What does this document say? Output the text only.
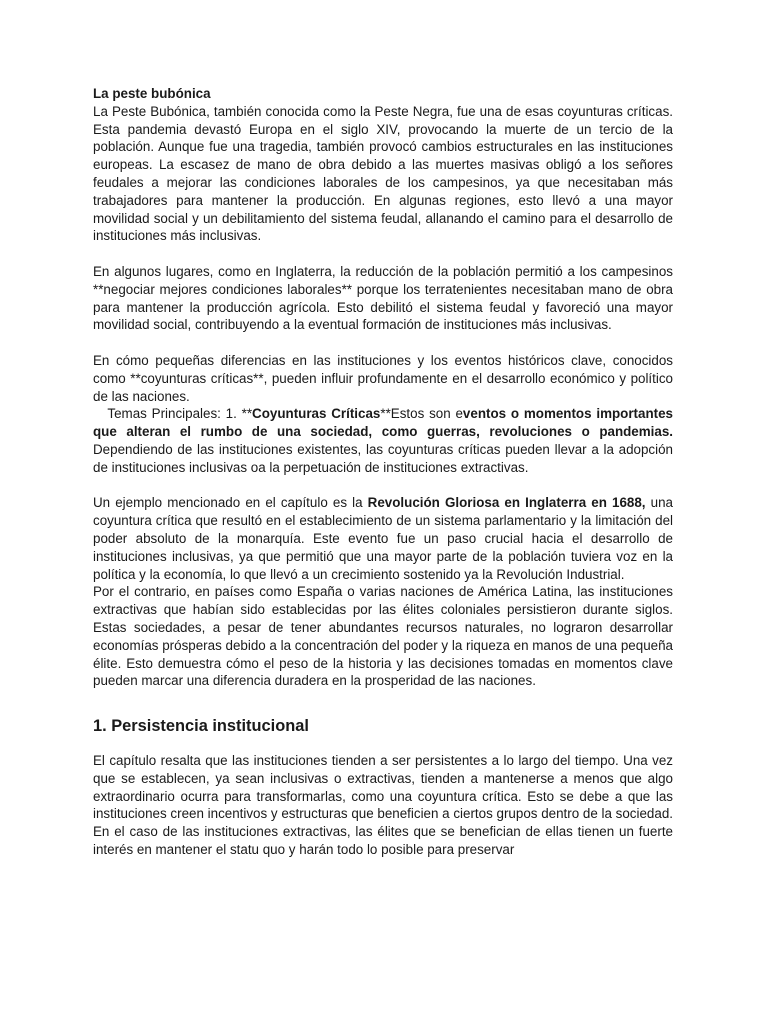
La peste bubónica

La Peste Bubónica, también conocida como la Peste Negra, fue una de esas coyunturas críticas. Esta pandemia devastó Europa en el siglo XIV, provocando la muerte de un tercio de la población. Aunque fue una tragedia, también provocó cambios estructurales en las instituciones europeas. La escasez de mano de obra debido a las muertes masivas obligó a los señores feudales a mejorar las condiciones laborales de los campesinos, ya que necesitaban más trabajadores para mantener la producción. En algunas regiones, esto llevó a una mayor movilidad social y un debilitamiento del sistema feudal, allanando el camino para el desarrollo de instituciones más inclusivas.

En algunos lugares, como en Inglaterra, la reducción de la población permitió a los campesinos **negociar mejores condiciones laborales** porque los terratenientes necesitaban mano de obra para mantener la producción agrícola. Esto debilitó el sistema feudal y favoreció una mayor movilidad social, contribuyendo a la eventual formación de instituciones más inclusivas.

En cómo pequeñas diferencias en las instituciones y los eventos históricos clave, conocidos como **coyunturas críticas**, pueden influir profundamente en el desarrollo económico y político de las naciones.

Temas Principales: 1. **Coyunturas Críticas**Estos son eventos o momentos importantes que alteran el rumbo de una sociedad, como guerras, revoluciones o pandemias. Dependiendo de las instituciones existentes, las coyunturas críticas pueden llevar a la adopción de instituciones inclusivas oa la perpetuación de instituciones extractivas.

Un ejemplo mencionado en el capítulo es la Revolución Gloriosa en Inglaterra en 1688, una coyuntura crítica que resultó en el establecimiento de un sistema parlamentario y la limitación del poder absoluto de la monarquía. Este evento fue un paso crucial hacia el desarrollo de instituciones inclusivas, ya que permitió que una mayor parte de la población tuviera voz en la política y la economía, lo que llevó a un crecimiento sostenido ya la Revolución Industrial.

Por el contrario, en países como España o varias naciones de América Latina, las instituciones extractivas que habían sido establecidas por las élites coloniales persistieron durante siglos. Estas sociedades, a pesar de tener abundantes recursos naturales, no lograron desarrollar economías prósperas debido a la concentración del poder y la riqueza en manos de una pequeña élite. Esto demuestra cómo el peso de la historia y las decisiones tomadas en momentos clave pueden marcar una diferencia duradera en la prosperidad de las naciones.

1. Persistencia institucional

El capítulo resalta que las instituciones tienden a ser persistentes a lo largo del tiempo. Una vez que se establecen, ya sean inclusivas o extractivas, tienden a mantenerse a menos que algo extraordinario ocurra para transformarlas, como una coyuntura crítica. Esto se debe a que las instituciones creen incentivos y estructuras que beneficien a ciertos grupos dentro de la sociedad. En el caso de las instituciones extractivas, las élites que se benefician de ellas tienen un fuerte interés en mantener el statu quo y harán todo lo posible para preservar
